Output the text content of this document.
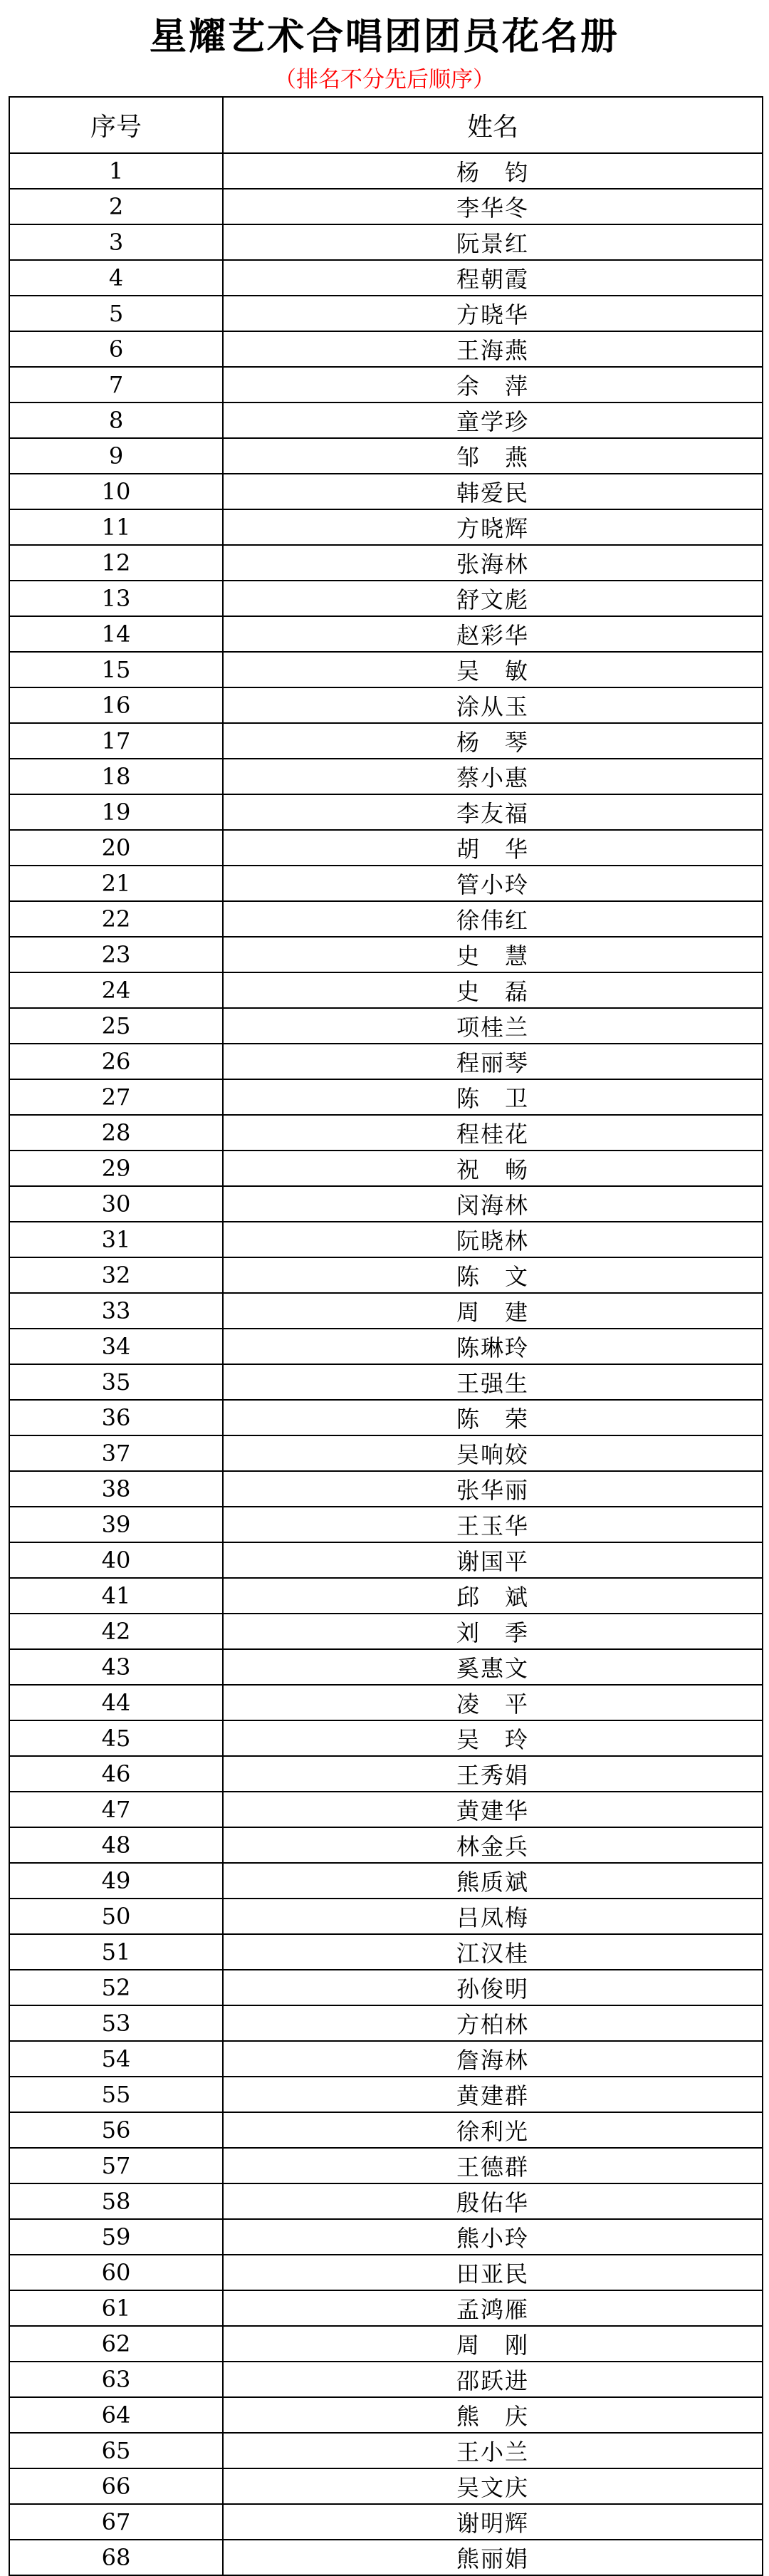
星耀艺术合唱团团员花名册
（排名不分先后顺序）
序号	姓名
1	杨　钧
2	李华冬
3	阮景红
4	程朝霞
5	方晓华
6	王海燕
7	余　萍
8	童学珍
9	邹　燕
10	韩爱民
11	方晓辉
12	张海林
13	舒文彪
14	赵彩华
15	吴　敏
16	涂从玉
17	杨　琴
18	蔡小惠
19	李友福
20	胡　华
21	管小玲
22	徐伟红
23	史　慧
24	史　磊
25	项桂兰
26	程丽琴
27	陈　卫
28	程桂花
29	祝　畅
30	闵海林
31	阮晓林
32	陈　文
33	周　建
34	陈琳玲
35	王强生
36	陈　荣
37	吴响姣
38	张华丽
39	王玉华
40	谢国平
41	邱　斌
42	刘　季
43	奚惠文
44	凌　平
45	吴　玲
46	王秀娟
47	黄建华
48	林金兵
49	熊质斌
50	吕凤梅
51	江汉桂
52	孙俊明
53	方柏林
54	詹海林
55	黄建群
56	徐利光
57	王德群
58	殷佑华
59	熊小玲
60	田亚民
61	孟鸿雁
62	周　刚
63	邵跃进
64	熊　庆
65	王小兰
66	吴文庆
67	谢明辉
68	熊丽娟
